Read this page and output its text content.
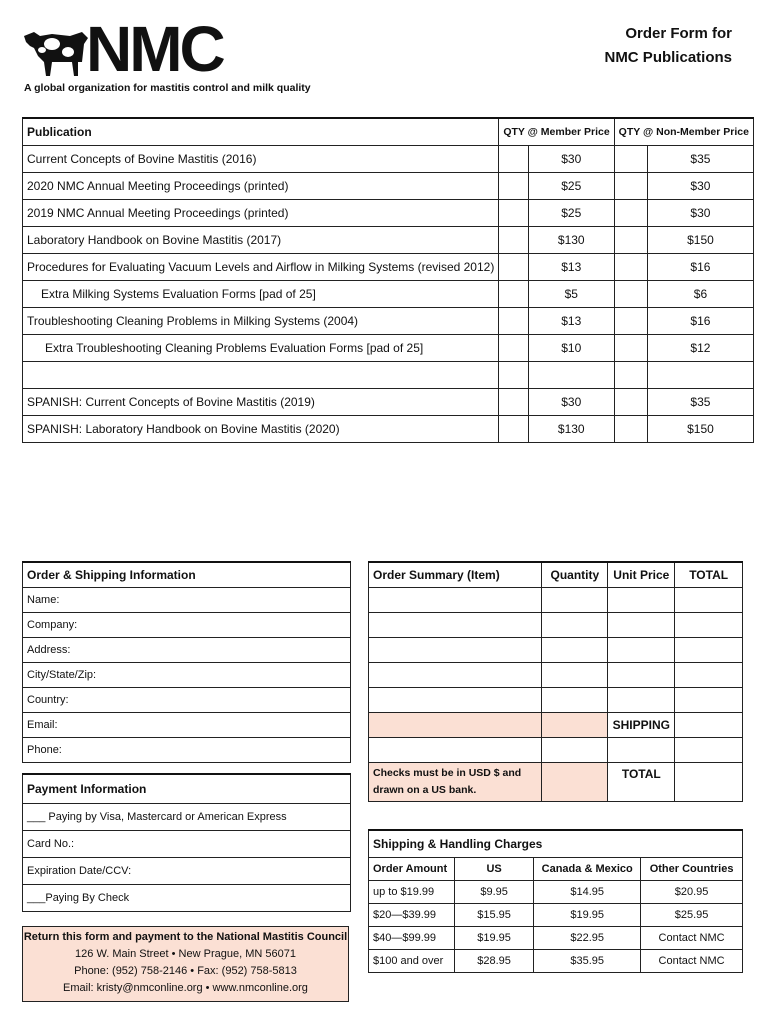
NMC
A global organization for mastitis control and milk quality
Order Form for
NMC Publications
Publication	QTY @ Member Price		QTY @ Non-Member Price	
Current Concepts of Bovine Mastitis (2016)		$30		$35
2020 NMC Annual Meeting Proceedings (printed)		$25		$30
2019 NMC Annual Meeting Proceedings (printed)		$25		$30
Laboratory Handbook on Bovine Mastitis (2017)		$130		$150
Procedures for Evaluating Vacuum Levels and Airflow in Milking Systems (revised 2012)		$13		$16
Extra Milking Systems Evaluation Forms [pad of 25]		$5		$6
Troubleshooting Cleaning Problems in Milking Systems (2004)		$13		$16
Extra Troubleshooting Cleaning Problems Evaluation Forms [pad of 25]		$10		$12

SPANISH: Current Concepts of Bovine Mastitis (2019)		$30		$35
SPANISH: Laboratory Handbook on Bovine Mastitis (2020)		$130		$150
Order & Shipping Information
Name:
Company:
Address:
City/State/Zip:
Country:
Email:
Phone:
Payment Information
___ Paying by Visa, Mastercard or American Express
Card No.:
Expiration Date/CCV:
___Paying By Check
Return this form and payment to the National Mastitis Council
126 W. Main Street • New Prague, MN 56071
Phone: (952) 758-2146 • Fax: (952) 758-5813
Email: kristy@nmconline.org • www.nmconline.org
Order Summary (Item)	Quantity	Unit Price	TOTAL

		SHIPPING	

Checks must be in USD $ and drawn on a US bank.		TOTAL	
Shipping & Handling Charges			
Order Amount	US	Canada & Mexico	Other Countries
up to $19.99	$9.95	$14.95	$20.95
$20—$39.99	$15.95	$19.95	$25.95
$40—$99.99	$19.95	$22.95	Contact NMC
$100 and over	$28.95	$35.95	Contact NMC
